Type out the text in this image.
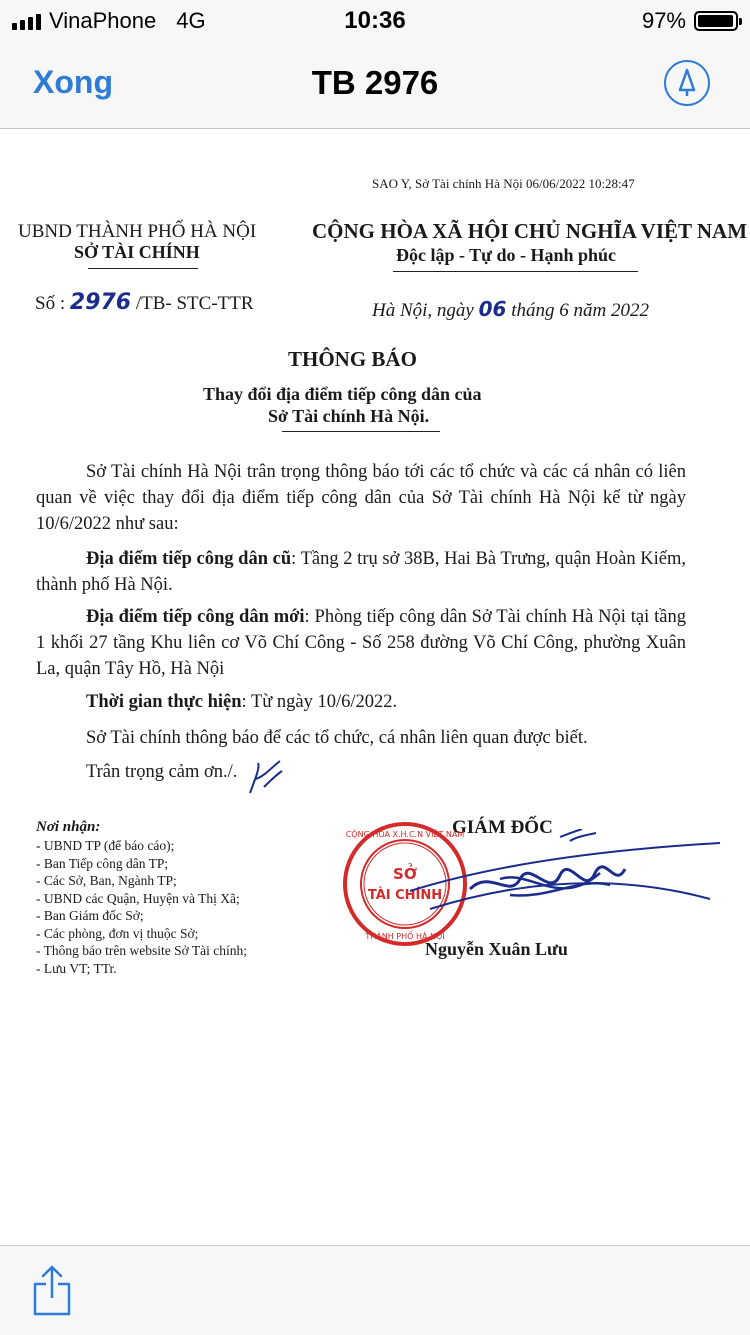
VinaPhone 4G	10:36	97%
Xong	TB 2976
SAO Y, Sở Tài chính Hà Nội 06/06/2022 10:28:47
UBND THÀNH PHỐ HÀ NỘI
SỞ TÀI CHÍNH
CỘNG HÒA XÃ HỘI CHỦ NGHĨA VIỆT NAM
Độc lập - Tự do - Hạnh phúc
Số : 2976 /TB- STC-TTR	Hà Nội, ngày 06 tháng 6 năm 2022
THÔNG BÁO
Thay đổi địa điểm tiếp công dân của
Sở Tài chính Hà Nội.
Sở Tài chính Hà Nội trân trọng thông báo tới các tổ chức và các cá nhân có liên quan về việc thay đổi địa điểm tiếp công dân của Sở Tài chính Hà Nội kể từ ngày 10/6/2022 như sau:
Địa điểm tiếp công dân cũ: Tầng 2 trụ sở 38B, Hai Bà Trưng, quận Hoàn Kiếm, thành phố Hà Nội.
Địa điểm tiếp công dân mới: Phòng tiếp công dân Sở Tài chính Hà Nội tại tầng 1 khối 27 tầng Khu liên cơ Võ Chí Công - Số 258 đường Võ Chí Công, phường Xuân La, quận Tây Hồ, Hà Nội
Thời gian thực hiện: Từ ngày 10/6/2022.
Sở Tài chính thông báo để các tổ chức, cá nhân liên quan được biết.
Trân trọng cảm ơn./.
Nơi nhận:
- UBND TP (để báo cáo);
- Ban Tiếp công dân TP;
- Các Sở, Ban, Ngành TP;
- UBND các Quận, Huyện và Thị Xã;
- Ban Giám đốc Sở;
- Các phòng, đơn vị thuộc Sở;
- Thông báo trên website Sở Tài chính;
- Lưu VT; TTr.
GIÁM ĐỐC
SỞ
TÀI CHÍNH
CỘNG HÒA X.H.C.N VIỆT NAM
THÀNH PHỐ HÀ NỘI
Nguyễn Xuân Lưu
